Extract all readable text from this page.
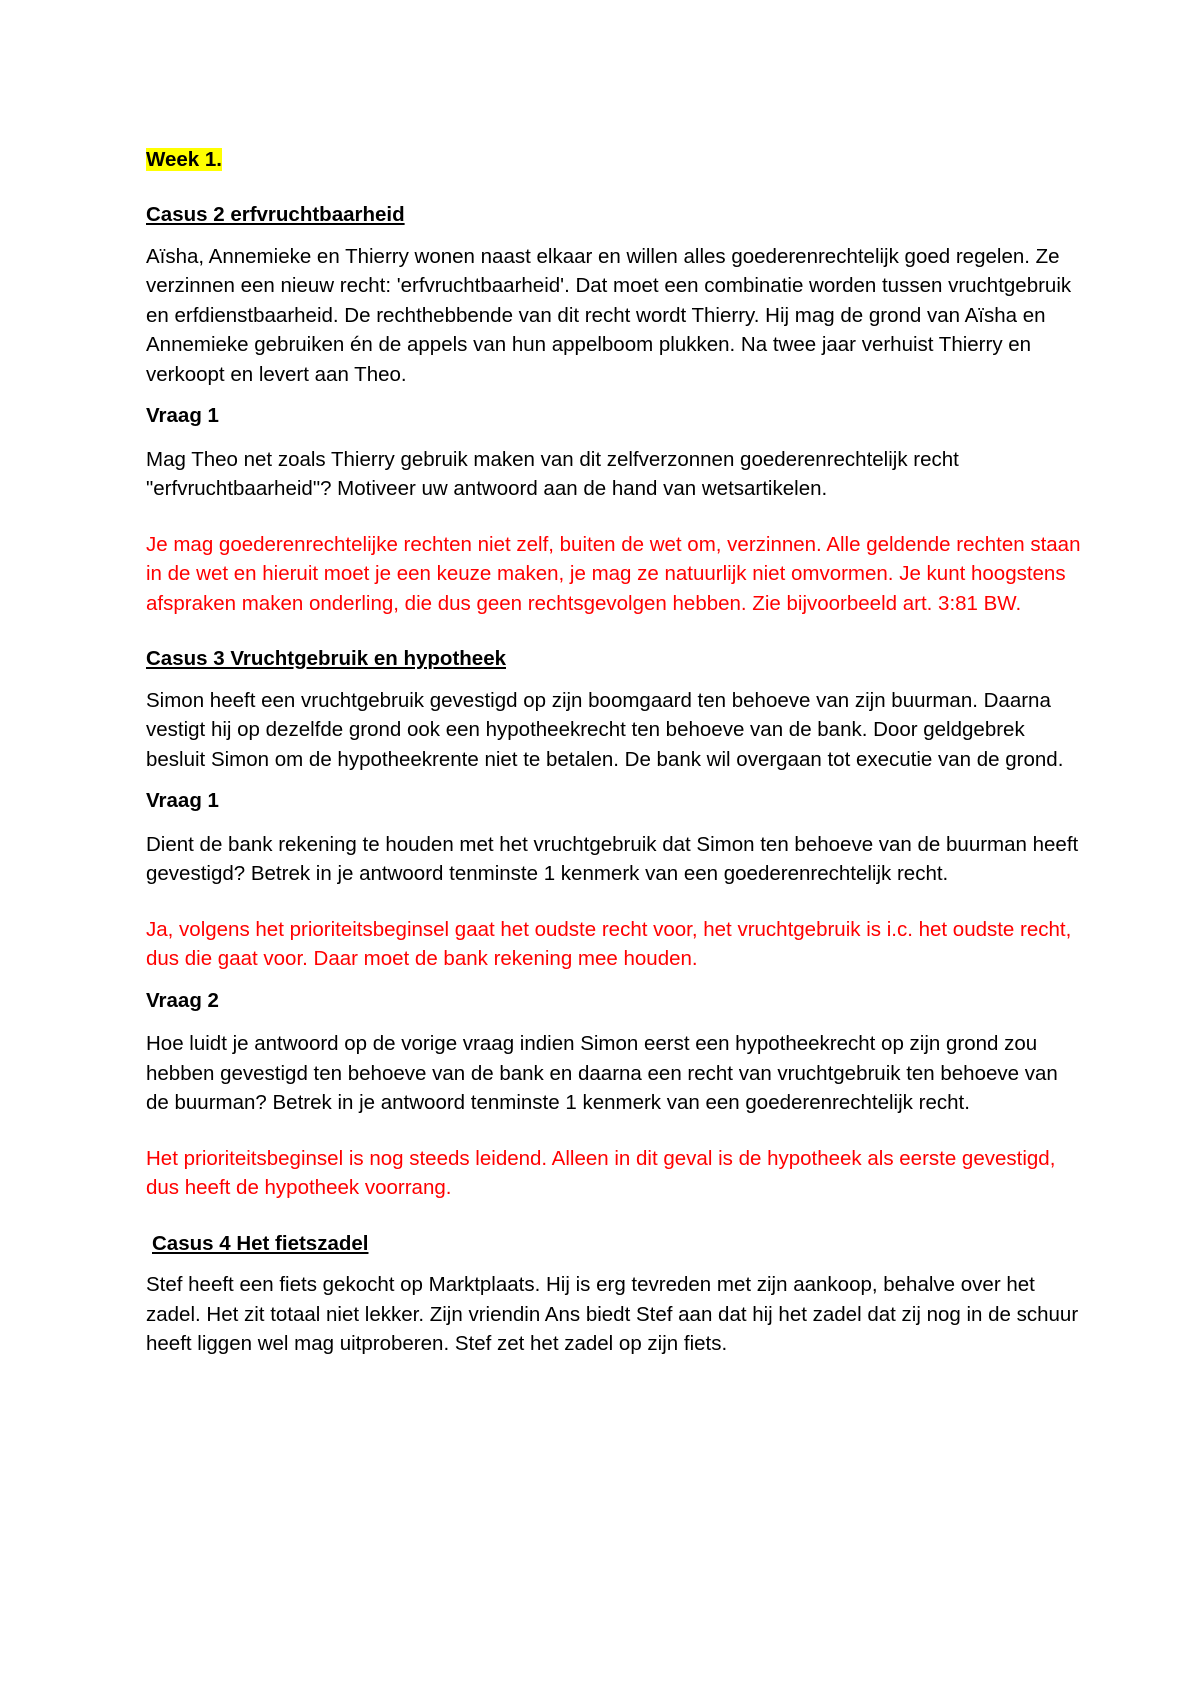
Week 1.
Casus 2 erfvruchtbaarheid
Aïsha, Annemieke en Thierry wonen naast elkaar en willen alles goederenrechtelijk goed regelen. Ze verzinnen een nieuw recht: 'erfvruchtbaarheid'. Dat moet een combinatie worden tussen vruchtgebruik en erfdienstbaarheid. De rechthebbende van dit recht wordt Thierry. Hij mag de grond van Aïsha en Annemieke gebruiken én de appels van hun appelboom plukken. Na twee jaar verhuist Thierry en verkoopt en levert aan Theo.
Vraag 1
Mag Theo net zoals Thierry gebruik maken van dit zelfverzonnen goederenrechtelijk recht "erfvruchtbaarheid"? Motiveer uw antwoord aan de hand van wetsartikelen.
Je mag goederenrechtelijke rechten niet zelf, buiten de wet om, verzinnen. Alle geldende rechten staan in de wet en hieruit moet je een keuze maken, je mag ze natuurlijk niet omvormen. Je kunt hoogstens afspraken maken onderling, die dus geen rechtsgevolgen hebben. Zie bijvoorbeeld art. 3:81 BW.
Casus 3 Vruchtgebruik en hypotheek
Simon heeft een vruchtgebruik gevestigd op zijn boomgaard ten behoeve van zijn buurman. Daarna vestigt hij op dezelfde grond ook een hypotheekrecht ten behoeve van de bank. Door geldgebrek besluit Simon om de hypotheekrente niet te betalen. De bank wil overgaan tot executie van de grond.
Vraag 1
Dient de bank rekening te houden met het vruchtgebruik dat Simon ten behoeve van de buurman heeft gevestigd? Betrek in je antwoord tenminste 1 kenmerk van een goederenrechtelijk recht.
Ja, volgens het prioriteitsbeginsel gaat het oudste recht voor, het vruchtgebruik is i.c. het oudste recht, dus die gaat voor. Daar moet de bank rekening mee houden.
Vraag 2
Hoe luidt je antwoord op de vorige vraag indien Simon eerst een hypotheekrecht op zijn grond zou hebben gevestigd ten behoeve van de bank en daarna een recht van vruchtgebruik ten behoeve van de buurman? Betrek in je antwoord tenminste 1 kenmerk van een goederenrechtelijk recht.
Het prioriteitsbeginsel is nog steeds leidend. Alleen in dit geval is de hypotheek als eerste gevestigd, dus heeft de hypotheek voorrang.
Casus 4 Het fietszadel
Stef heeft een fiets gekocht op Marktplaats. Hij is erg tevreden met zijn aankoop, behalve over het zadel. Het zit totaal niet lekker. Zijn vriendin Ans biedt Stef aan dat hij het zadel dat zij nog in de schuur heeft liggen wel mag uitproberen. Stef zet het zadel op zijn fiets.
